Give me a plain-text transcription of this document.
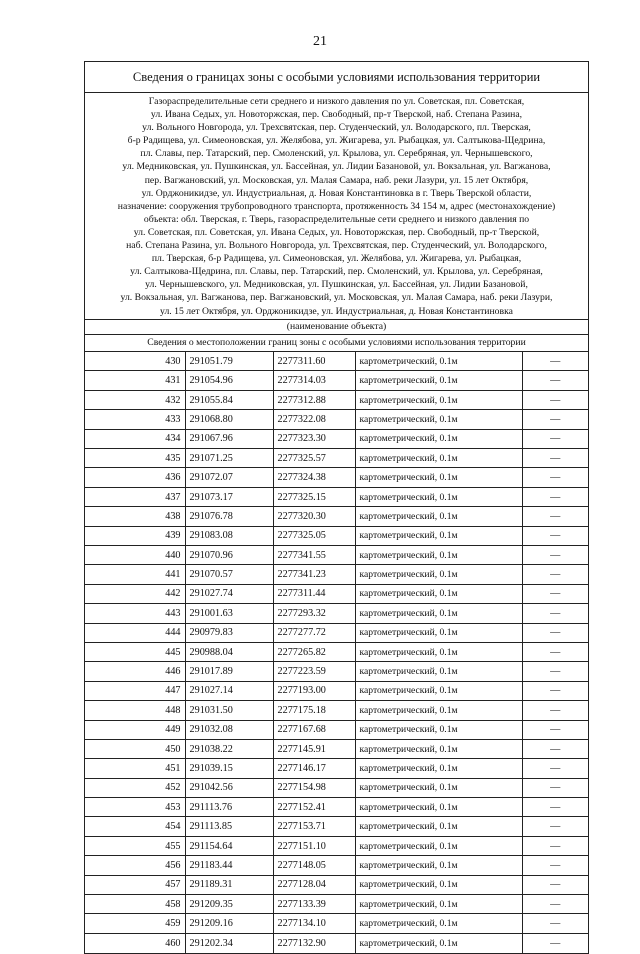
21
Сведения о границах зоны с особыми условиями использования территории
Газораспределительные сети среднего и низкого давления по ул. Советская, пл. Советская,
ул. Ивана Седых, ул. Новоторжская, пер. Свободный, пр-т Тверской, наб. Степана Разина,
ул. Вольного Новгорода, ул. Трехсвятская, пер. Студенческий, ул. Володарского, пл. Тверская,
б-р Радищева, ул. Симеоновская, ул. Желябова, ул. Жигарева, ул. Рыбацкая, ул. Салтыкова-Щедрина,
пл. Славы, пер. Татарский, пер. Смоленский, ул. Крылова, ул. Серебряная, ул. Чернышевского,
ул. Медниковская, ул. Пушкинская, ул. Бассейная, ул. Лидии Базановой, ул. Вокзальная, ул. Вагжанова,
пер. Вагжановский, ул. Московская, ул. Малая Самара, наб. реки Лазури, ул. 15 лет Октября,
ул. Орджоникидзе, ул. Индустриальная, д. Новая Константиновка в г. Тверь Тверской области,
назначение: сооружения трубопроводного транспорта, протяженность 34 154 м, адрес (местонахождение)
объекта: обл. Тверская, г. Тверь, газораспределительные сети среднего и низкого давления по
ул. Советская, пл. Советская, ул. Ивана Седых, ул. Новоторжская, пер. Свободный, пр-т Тверской,
наб. Степана Разина, ул. Вольного Новгорода, ул. Трехсвятская, пер. Студенческий, ул. Володарского,
пл. Тверская, б-р Радищева, ул. Симеоновская, ул. Желябова, ул. Жигарева, ул. Рыбацкая,
ул. Салтыкова-Щедрина, пл. Славы, пер. Татарский, пер. Смоленский, ул. Крылова, ул. Серебряная,
ул. Чернышевского, ул. Медниковская, ул. Пушкинская, ул. Бассейная, ул. Лидии Базановой,
ул. Вокзальная, ул. Вагжанова, пер. Вагжановский, ул. Московская, ул. Малая Самара, наб. реки Лазури,
ул. 15 лет Октября, ул. Орджоникидзе, ул. Индустриальная, д. Новая Константиновка
(наименование объекта)
Сведения о местоположении границ зоны с особыми условиями использования территории
430	291051.79	2277311.60	картометрический, 0.1м	—
431	291054.96	2277314.03	картометрический, 0.1м	—
432	291055.84	2277312.88	картометрический, 0.1м	—
433	291068.80	2277322.08	картометрический, 0.1м	—
434	291067.96	2277323.30	картометрический, 0.1м	—
435	291071.25	2277325.57	картометрический, 0.1м	—
436	291072.07	2277324.38	картометрический, 0.1м	—
437	291073.17	2277325.15	картометрический, 0.1м	—
438	291076.78	2277320.30	картометрический, 0.1м	—
439	291083.08	2277325.05	картометрический, 0.1м	—
440	291070.96	2277341.55	картометрический, 0.1м	—
441	291070.57	2277341.23	картометрический, 0.1м	—
442	291027.74	2277311.44	картометрический, 0.1м	—
443	291001.63	2277293.32	картометрический, 0.1м	—
444	290979.83	2277277.72	картометрический, 0.1м	—
445	290988.04	2277265.82	картометрический, 0.1м	—
446	291017.89	2277223.59	картометрический, 0.1м	—
447	291027.14	2277193.00	картометрический, 0.1м	—
448	291031.50	2277175.18	картометрический, 0.1м	—
449	291032.08	2277167.68	картометрический, 0.1м	—
450	291038.22	2277145.91	картометрический, 0.1м	—
451	291039.15	2277146.17	картометрический, 0.1м	—
452	291042.56	2277154.98	картометрический, 0.1м	—
453	291113.76	2277152.41	картометрический, 0.1м	—
454	291113.85	2277153.71	картометрический, 0.1м	—
455	291154.64	2277151.10	картометрический, 0.1м	—
456	291183.44	2277148.05	картометрический, 0.1м	—
457	291189.31	2277128.04	картометрический, 0.1м	—
458	291209.35	2277133.39	картометрический, 0.1м	—
459	291209.16	2277134.10	картометрический, 0.1м	—
460	291202.34	2277132.90	картометрический, 0.1м	—
